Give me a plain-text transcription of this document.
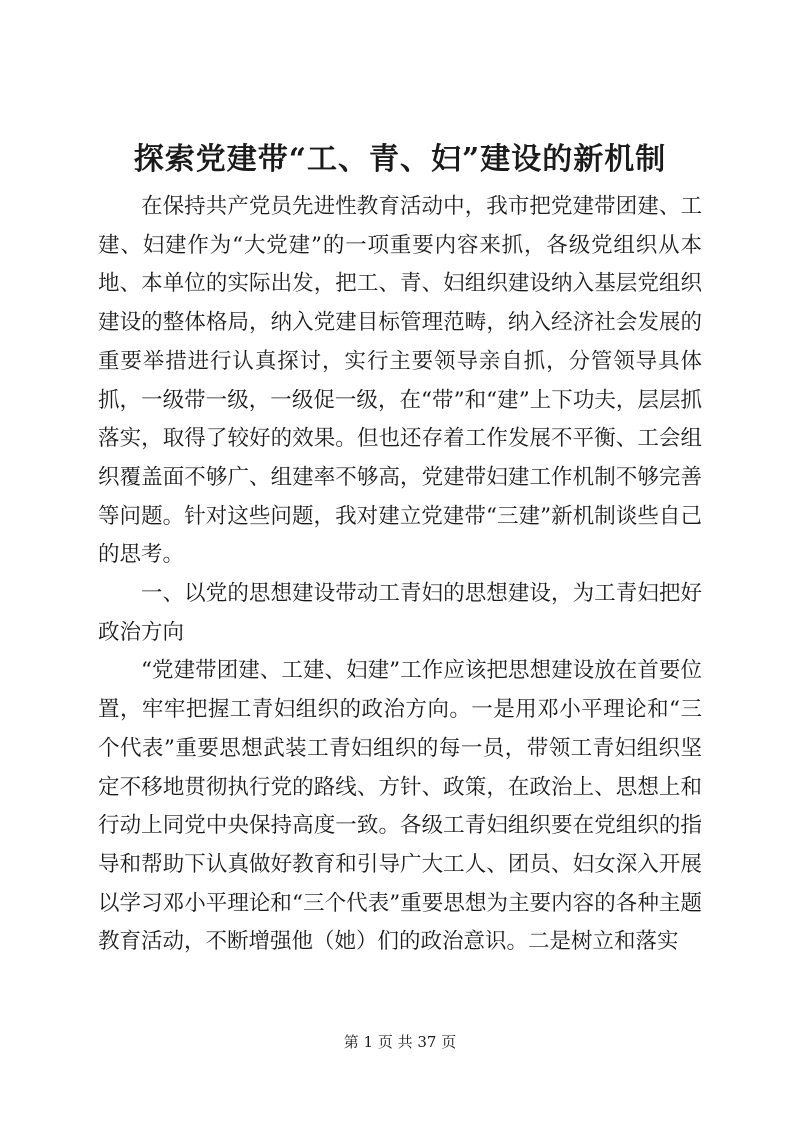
探索党建带“工、青、妇”建设的新机制

在保持共产党员先进性教育活动中，我市把党建带团建、工建、妇建作为“大党建”的一项重要内容来抓，各级党组织从本地、本单位的实际出发，把工、青、妇组织建设纳入基层党组织建设的整体格局，纳入党建目标管理范畴，纳入经济社会发展的重要举措进行认真探讨，实行主要领导亲自抓，分管领导具体抓，一级带一级，一级促一级，在“带”和“建”上下功夫，层层抓落实，取得了较好的效果。但也还存着工作发展不平衡、工会组织覆盖面不够广、组建率不够高，党建带妇建工作机制不够完善等问题。针对这些问题，我对建立党建带“三建”新机制谈些自己的思考。

一、以党的思想建设带动工青妇的思想建设，为工青妇把好政治方向

“党建带团建、工建、妇建”工作应该把思想建设放在首要位置，牢牢把握工青妇组织的政治方向。一是用邓小平理论和“三个代表”重要思想武装工青妇组织的每一员，带领工青妇组织坚定不移地贯彻执行党的路线、方针、政策，在政治上、思想上和行动上同党中央保持高度一致。各级工青妇组织要在党组织的指导和帮助下认真做好教育和引导广大工人、团员、妇女深入开展以学习邓小平理论和“三个代表”重要思想为主要内容的各种主题教育活动，不断增强他（她）们的政治意识。二是树立和落实

第 1 页 共 37 页
